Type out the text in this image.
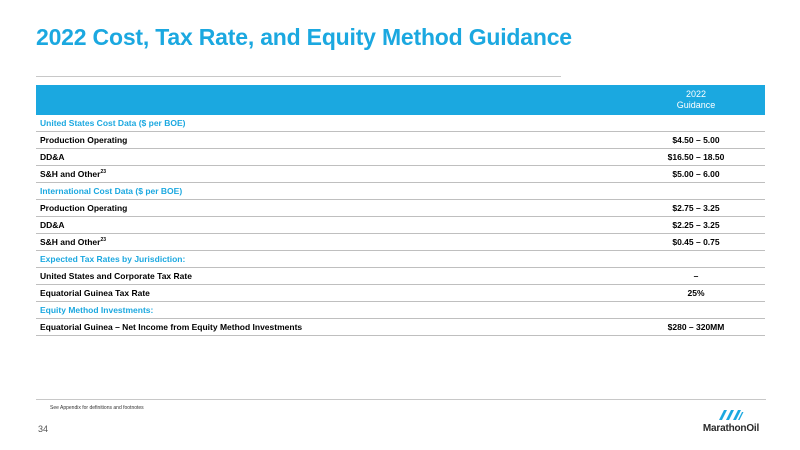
2022 Cost, Tax Rate, and Equity Method Guidance

	2022
Guidance

United States Cost Data ($ per BOE)	
Production Operating	$4.50 – 5.00
DD&A	$16.50 – 18.50
S&H and Other$^{23}$	$5.00 – 6.00
International Cost Data ($ per BOE)	
Production Operating	$2.75 – 3.25
DD&A	$2.25 – 3.25
S&H and Other$^{23}$	$0.45 – 0.75
Expected Tax Rates by Jurisdiction:	
United States and Corporate Tax Rate	–
Equatorial Guinea Tax Rate	25%
Equity Method Investments:	
Equatorial Guinea – Net Income from Equity Method Investments	$280 – 320MM
See Appendix for definitions and footnotes
34	MarathonOil
